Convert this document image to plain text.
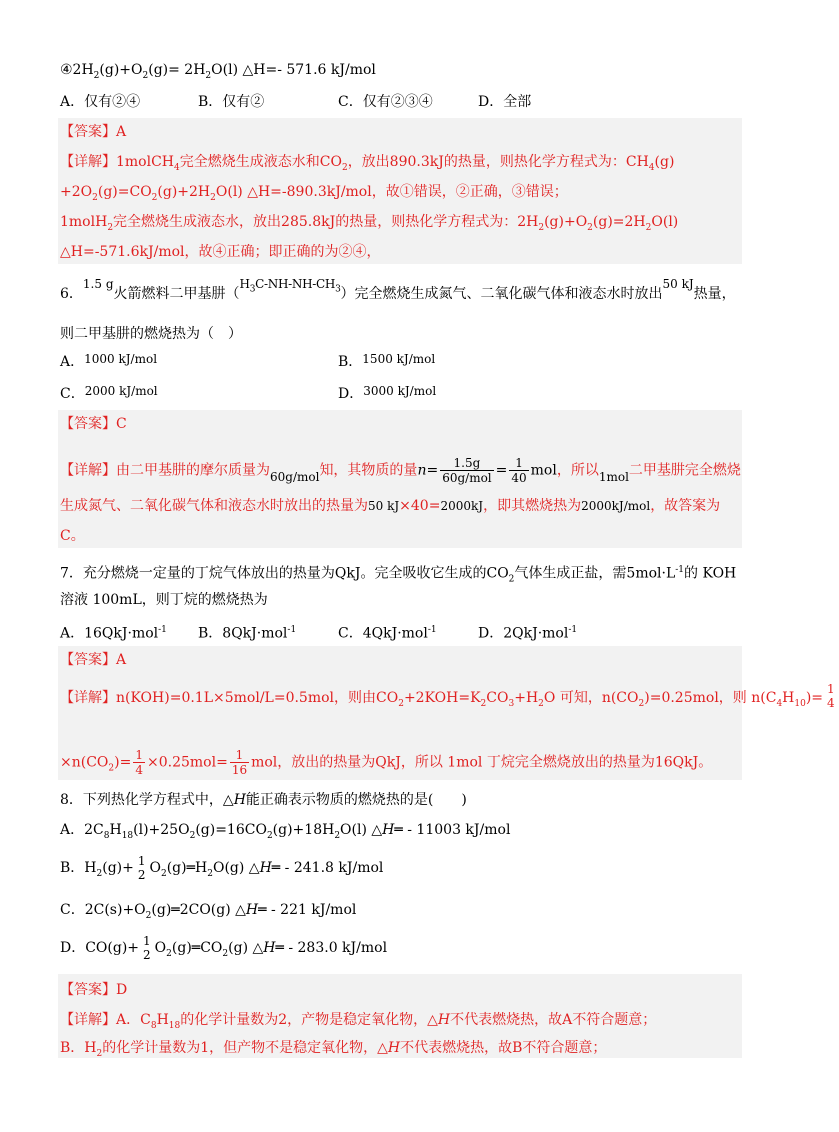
$④2H_2(g)+O_2(g)= 2H_2O(l)$ △H=- 571.6 kJ/mol
A．仅有②④	B．仅有②	C．仅有②③④	D．全部
【答案】A
【详解】1molCH$_4$完全燃烧生成液态水和$CO_2$，放出890.3kJ的热量，则热化学方程式为：$CH_4(g)$
$+2O_2(g)=CO_2(g)+2H_2O(l)$ △H=-890.3kJ/mol，故①错误，②正确，③错误；
1molH$_2$完全燃烧生成液态水，放出285.8kJ的热量，则热化学方程式为：$2H_2(g)+O_2(g)=2H_2O(l)$
△H=-571.6kJ/mol，故④正确；即正确的为②④，
6．1.5 g火箭燃料二甲基肼$(H_3C-NH-NH-CH_3)$完全燃烧生成氮气、二氧化碳气体和液态水时放出50 kJ热量，
则二甲基肼的燃烧热为（　）
A．1000 kJ/mol	B．1500 kJ/mol
C．2000 kJ/mol	D．3000 kJ/mol
【答案】C
【详解】由二甲基肼的摩尔质量为60g/mol知，其物质的量$n= \frac{1.5g}{\text{60g/mol}} = \frac{1}{40}$ mol，所以1mol二甲基肼完全燃烧
生成氮气、二氧化碳气体和液态水时放出的热量为50 kJ×40=2000kJ，即其燃烧热为2000kJ/mol，故答案为
C。
7．充分燃烧一定量的丁烷气体放出的热量为QkJ。完全吸收它生成的$CO_2$气体生成正盐，需$5mol\cdot L^{-1}$的 KOH
溶液 100mL，则丁烷的燃烧热为
A．16QkJ·mol$^{-1}$ B．8QkJ·mol$^{-1}$	C．4QkJ·mol$^{-1}$	D．2QkJ·mol$^{-1}$
【答案】A
【详解】n(KOH)=0.1L×5mol/L=0.5mol，则由$CO_2+2KOH=K_2CO_3+H_2O$ 可知，$n(CO_2)=0.25mol$，则 $n(C_4H_{10})=$
1
4
$\times n(CO_2)= \frac{1}{4} \times 0.25mol= \frac{1}{16}$ mol，放出的热量为QkJ，所以 1mol 丁烷完全燃烧放出的热量为16QkJ。
8．下列热化学方程式中，△H能正确表示物质的燃烧热的是(　　)
A．$2C_8H_{18}(l)+25O_2(g)=16CO_2(g)+18H_2O(l)$ △H═ - 11003 kJ/mol
B．$H_2(g)+ 1$
2 $O_2(g)═H_2O(g)$ △H═ - 241.8 kJ/mol
C．$2C(s)+O_2(g)═2CO(g)$ △H═ - 221 kJ/mol
D．CO(g)+ 1
2 $O_2(g)═CO_2(g)$ △H═ - 283.0 kJ/mol
【答案】D
【详解】A．$C_8H_{18}$的化学计量数为2，产物是稳定氧化物，△H不代表燃烧热，故A不符合题意；
B．$H_2$的化学计量数为1，但产物不是稳定氧化物，△H不代表燃烧热，故B不符合题意；
